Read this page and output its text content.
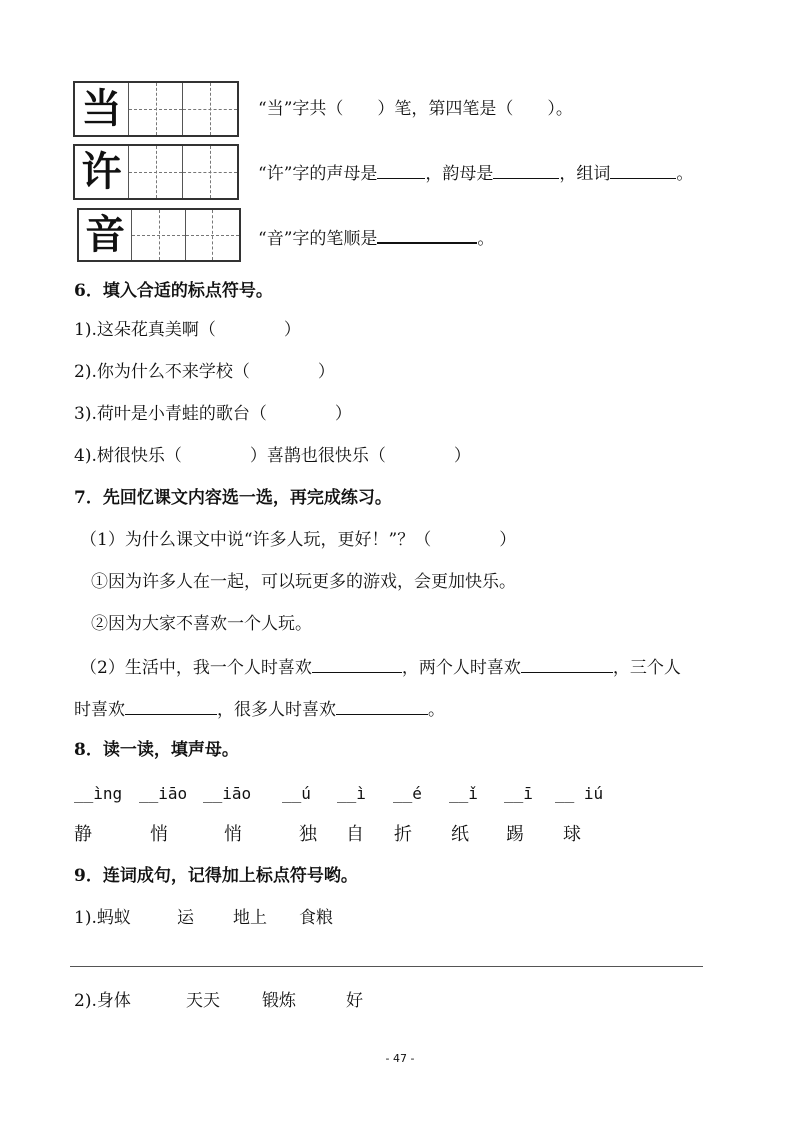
当	“当”字共（　　）笔，第四笔是（　　）。
许	“许”字的声母是	，韵母是	，组词	。
音	“音”字的笔顺是	。
6．填入合适的标点符号。
1).这朵花真美啊（　　　　）
2).你为什么不来学校（　　　　）
3).荷叶是小青蛙的歌台（　　　　）
4).树很快乐（　　　　）喜鹊也很快乐（　　　　）
7．先回忆课文内容选一选，再完成练习。
（1）为什么课文中说“许多人玩，更好！”？（　　　　）
①因为许多人在一起，可以玩更多的游戏，会更加快乐。
②因为大家不喜欢一个人玩。
（2）生活中，我一个人时喜欢	，两个人时喜欢	，三个人
时喜欢	，很多人时喜欢	。
8．读一读，填声母。
__ìng __iāo __iāo __ú __ì __é __ǐ __ī __ iú
静	悄	悄	独 自 折 纸 踢 球
9．连词成句，记得加上标点符号哟。
1).蚂蚁	运 地上 食粮
2).身体	天天 锻炼	好
- 47 -
